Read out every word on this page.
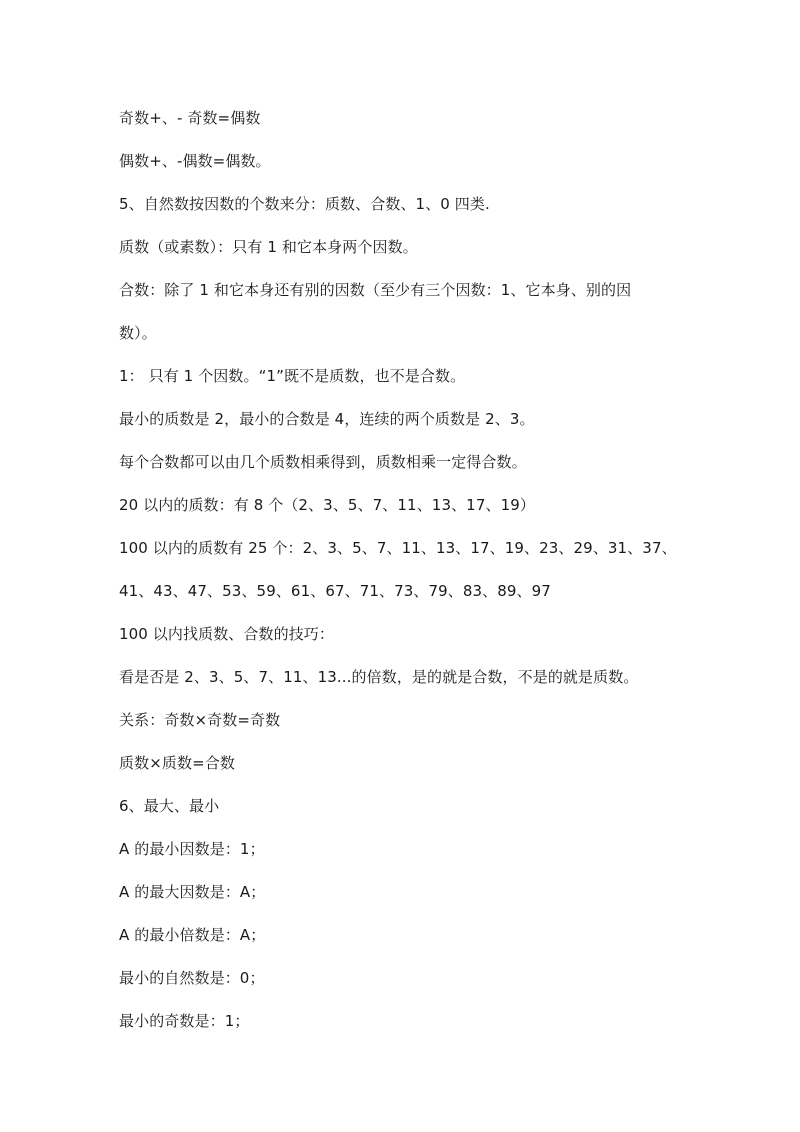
奇数+、- 奇数=偶数
偶数+、-偶数=偶数。
5、自然数按因数的个数来分：质数、合数、1、0 四类.
质数（或素数）：只有 1 和它本身两个因数。
合数：除了 1 和它本身还有别的因数（至少有三个因数：1、它本身、别的因
数）。
1： 只有 1 个因数。“1”既不是质数，也不是合数。
最小的质数是 2，最小的合数是 4，连续的两个质数是 2、3。
每个合数都可以由几个质数相乘得到，质数相乘一定得合数。
20 以内的质数：有 8 个（2、3、5、7、11、13、17、19）
100 以内的质数有 25 个：2、3、5、7、11、13、17、19、23、29、31、37、
41、43、47、53、59、61、67、71、73、79、83、89、97
100 以内找质数、合数的技巧：
看是否是 2、3、5、7、11、13...的倍数，是的就是合数，不是的就是质数。
关系：奇数×奇数=奇数
质数×质数=合数
6、最大、最小
A 的最小因数是：1；
A 的最大因数是：A；
A 的最小倍数是：A；
最小的自然数是：0；
最小的奇数是：1；
